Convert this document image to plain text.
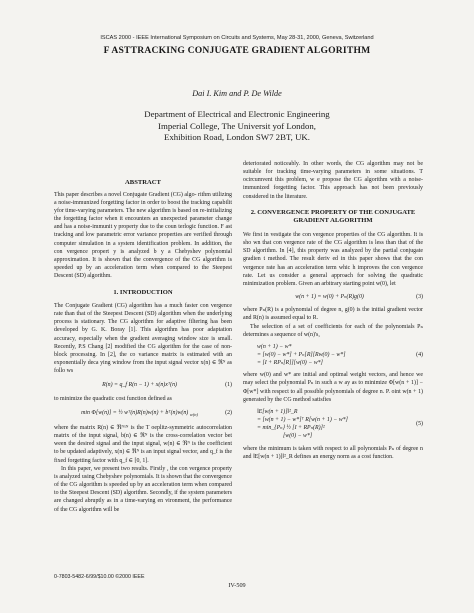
ISCAS 2000 - IEEE International Symposium on Circuits and Systems, May 28-31, 2000, Geneva, Switzerland
F ASTTRACKING CONJUGATE GRADIENT ALGORITHM
Dai I. Kim and P. De Wilde
Department of Electrical and Electronic Engineering
Imperial College, The Universit yof London,
Exhibition Road, London SW7 2BT, UK.
ABSTRACT

This paper describes a novel Conjugate Gradient (CG) algo- rithm utilizing a noise-immunized forgetting factor in order to boost the tracking capabilit yfor time-varying parameters. The new algorithm is based on re-initializing the forgetting factor when it encounters an unexpected parameter change and has a noise-immunit y property due to the coun terlogic function. F ast tracking and low parametric error variance properties are verified through computer simulation in a system identification problem. In addition, the con vergence propert y is analyzed b y a Chebyshev polynomial approximation. It is shown that the convergence of the CG algorithm is speeded up by an acceleration term when compared to the Steepest Descent (SD) algorithm.

1. INTRODUCTION

The Conjugate Gradient (CG) algorithm has a much faster con vergence rate than that of the Steepest Descent (SD) algorithm when the underlying process is stationary. The CG algorithm for adaptive filtering has been developed by G. K. Boray [1]. This algorithm has poor adaptation accuracy, especially when the gradient averaging window size is small. Recently, P.S Chang [2] modified the CG algorithm for the case of non-block processing. In [2], the co variance matrix is estimated with an exponentially deca ying window from the input signal vector x(n) ∈ ℜᴺ as follo ws

R(n) = q_f R(n − 1) + x(n)xᵀ(n)	(1)

to minimize the quadratic cost function defined as

min Φ[w(n)] = ½ wᵀ(n)R(n)w(n) + bᵀ(n)w(n) $_{w(n)}$	(2)

where the matrix R(n) ∈ ℜᴺˣᴺ is the T oeplitz-symmetric autocorrelation matrix of the input signal, b(n) ∈ ℜᴺ is the cross-correlation vector bet ween the desired signal and the input signal, w(n) ∈ ℜᴺ is the coefficient to be updated adaptively, x(n) ∈ ℜᴺ is an input signal vector, and q_f is the fixed forgetting factor with q_f ∈ [0, 1].

In this paper, we present two results. Firstly , the con vergence property is analyzed using Chebyshev polynomials. It is shown that the convergence of the CG algorithm is speeded up by an acceleration term when compared to the Steepest Descent (SD) algorithm. Secondly, if the system parameters are changed abruptly as in a time-varying en vironment, the performance of the CG algorithm will be

deteriorated noticeably. In other words, the CG algorithm may not be suitable for tracking time-varying parameters in some situations. T ocircumvent this problem, w e propose the CG algorithm with a noise-immunized forgetting factor. This approach has not been previously considered in the literature.

2. CONVERGENCE PROPERTY OF THE CONJUGATE GRADIENT ALGORITHM

We first in vestigate the con vergence properties of the CG algorithm. It is sho wn that con vergence rate of the CG algorithm is less than that of the SD algorithm. In [4], this property was analyzed by the partial conjugate gradien t method. The result deriv ed in this paper shows that the con vergence rate has an acceleration term whic h improves the con vergence rate. Let us consider a general approach for solving the quadratic minimization problem. Given an arbitrary starting point w(0), let

w(n + 1) = w(0) + Pₙ(R)g(0)	(3)

where Pₙ(R) is a polynomial of degree n, g(0) is the initial gradient vector and R(n) is assumed equal to R.

The selection of a set of coefficients for each of the polynomials Pₙ determines a sequence of w(n)'s,

w(n + 1) − w*
= [w(0) − w*] + Pₙ[R][Rw(0) − w*]
= [I + RPₙ[R]][w(0) − w*]
(4)

where w(0) and w* are initial and optimal weight vectors, and hence we may select the polynomial Pₙ in such a w ay as to minimize Φ[w(n + 1)] − Φ[w*] with respect to all possible polynomials of degree n. P. oint w(n + 1) generated by the CG method satisfies

‖E[w(n + 1)]‖²_R
= [w(n + 1) − w*]ᵀ R[w(n + 1) − w*]
= min_{Pₙ} ½ [I + RPₙ(R)]²
[w(0) − w*]
(5)

where the minimum is taken with respect to all polynomials Pₙ of degree n and ‖E[w(n + 1)]‖²_R defines an energy norm as a cost function.

0-7803-5482-6/99/$10.00 ©2000 IEEE
IV-509
